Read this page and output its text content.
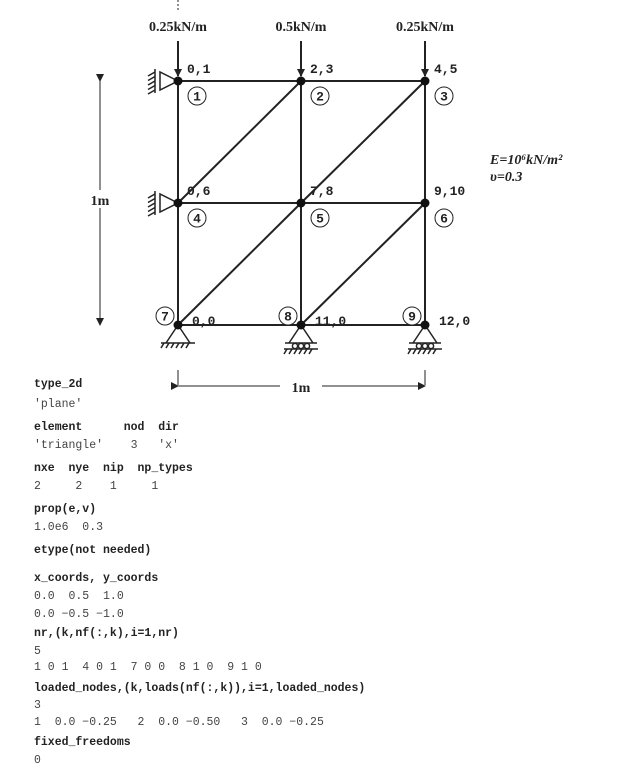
0.25kN/m	0.5kN/m	0.25kN/m
1
0,1
2
2,3
3
4,5
4
0,6
5
7,8
6
9,10
7 0,0	8 11,0	9 12,0
1m
1m
E=10⁶kN/m²
υ=0.3
type_2d
'plane'
element      nod  dir
'triangle'    3   'x'
nxe  nye  nip  np_types
2     2    1     1
prop(e,v)
1.0e6  0.3
etype(not needed)
x_coords, y_coords
0.0  0.5  1.0
0.0 −0.5 −1.0
nr,(k,nf(:,k),i=1,nr)
5
1 0 1  4 0 1  7 0 0  8 1 0  9 1 0
loaded_nodes,(k,loads(nf(:,k)),i=1,loaded_nodes)
3
1  0.0 −0.25   2  0.0 −0.50   3  0.0 −0.25
fixed_freedoms
0
